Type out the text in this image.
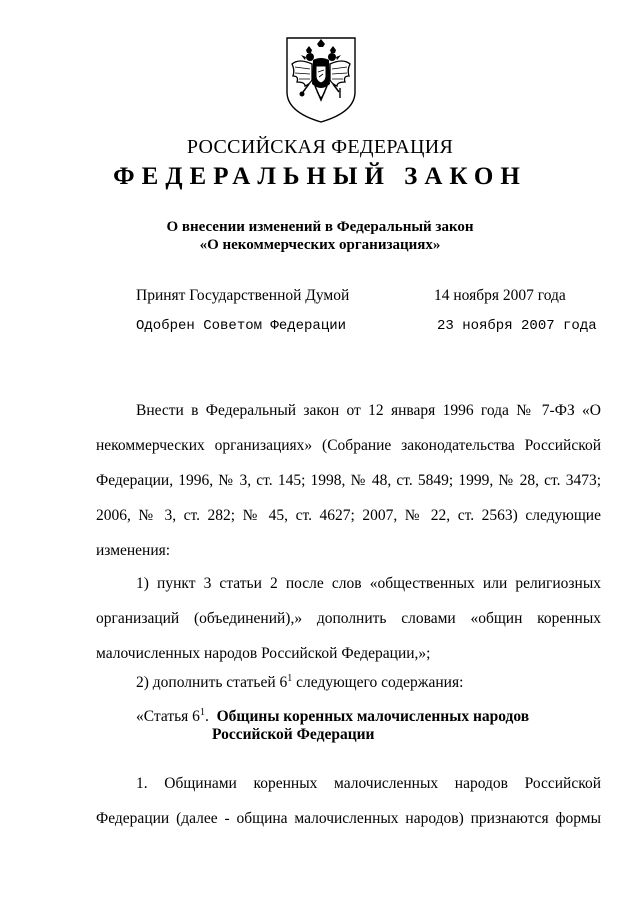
РОССИЙСКАЯ ФЕДЕРАЦИЯ
ФЕДЕРАЛЬНЫЙ ЗАКОН
О внесении изменений в Федеральный закон
«О некоммерческих организациях»
Принят Государственной Думой	14 ноября 2007 года
Одобрен Советом Федерации	23 ноября 2007 года
Внести в Федеральный закон от 12 января 1996 года № 7-ФЗ «О
некоммерческих организациях» (Собрание законодательства Российской
Федерации, 1996, № 3, ст. 145; 1998, № 48, ст. 5849; 1999, № 28, ст. 3473;
2006, № 3, ст. 282; № 45, ст. 4627; 2007, № 22, ст. 2563) следующие
изменения:
1) пункт 3 статьи 2 после слов «общественных или религиозных
организаций (объединений),» дополнить словами «общин коренных
малочисленных народов Российской Федерации,»;
2) дополнить статьей $6^1$ следующего содержания:
«Статья $6^1$. Общины коренных малочисленных народов
Российской Федерации
1. Общинами коренных малочисленных народов Российской
Федерации (далее - община малочисленных народов) признаются формы
